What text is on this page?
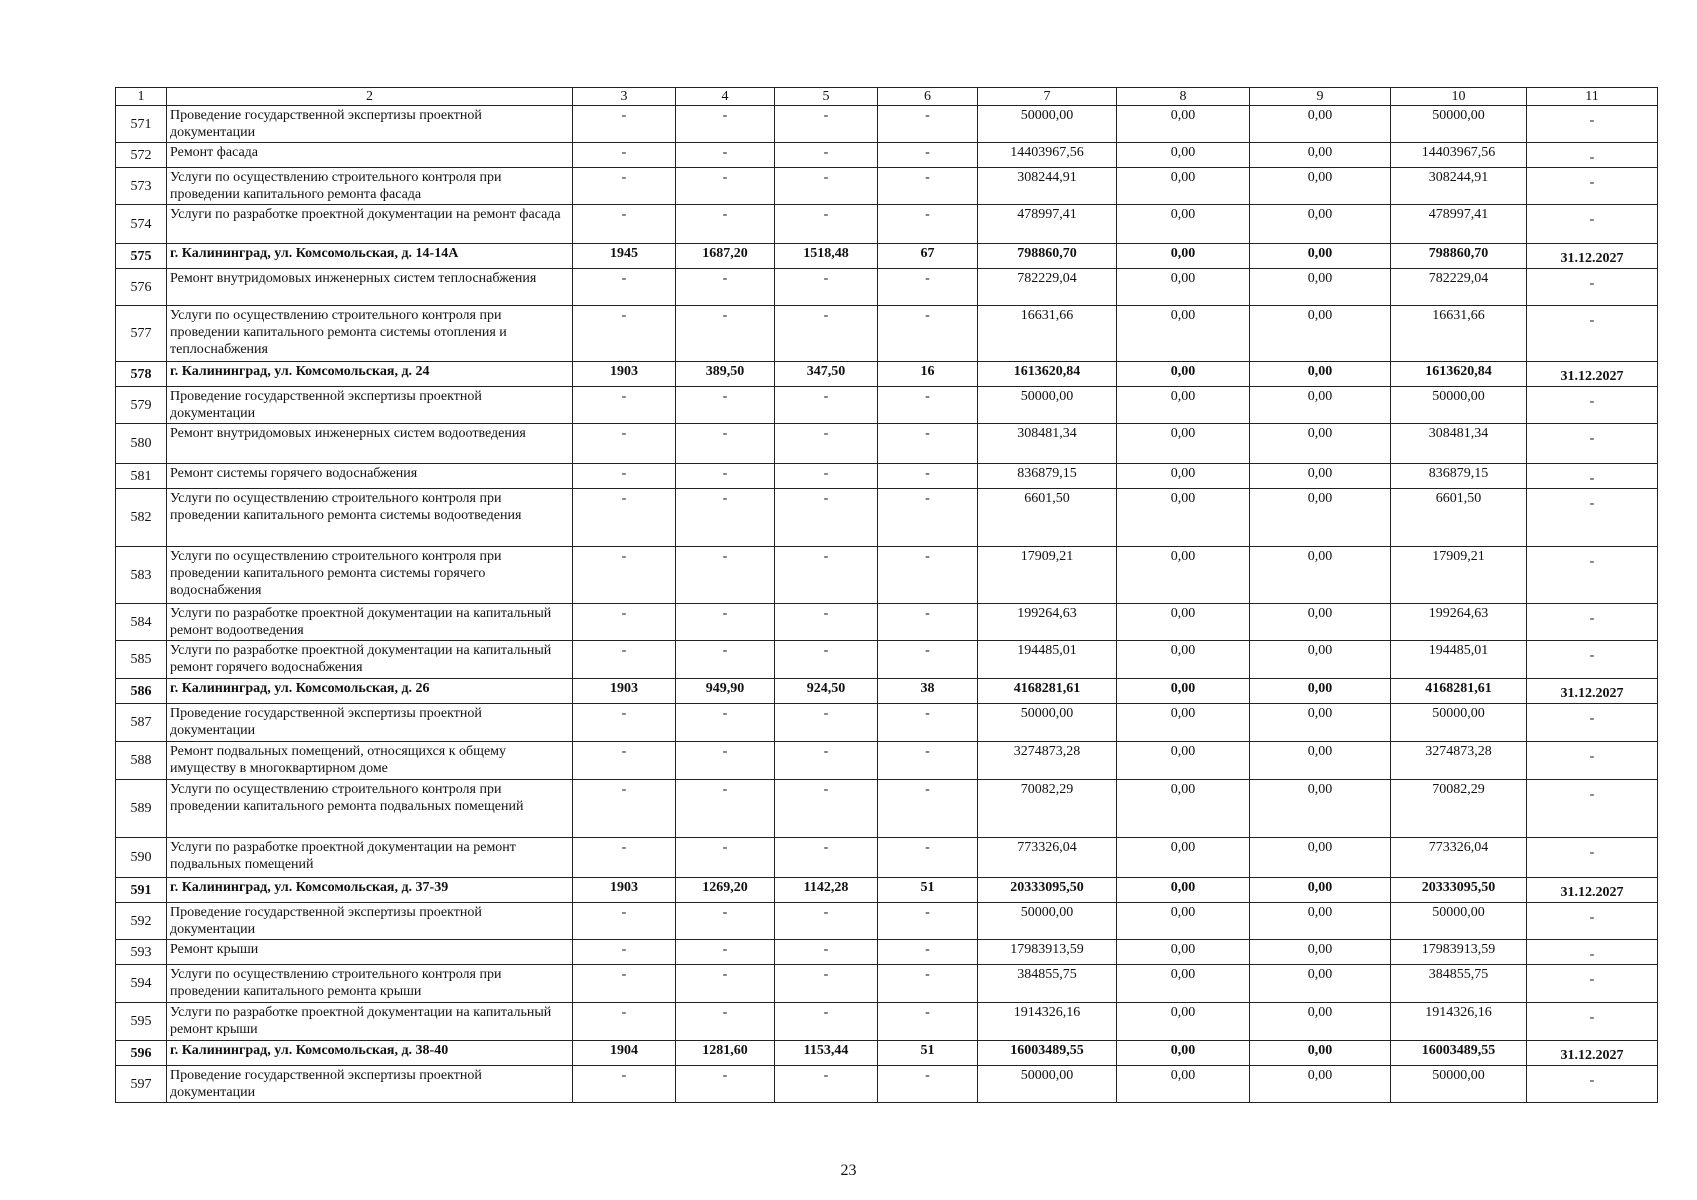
1	2	3	4	5	6	7	8	9	10	11
571	Проведение государственной экспертизы проектной документации	-	-	-	-	50000,00	0,00	0,00	50000,00	-
572	Ремонт фасада	-	-	-	-	14403967,56	0,00	0,00	14403967,56	-
573	Услуги по осуществлению строительного контроля при проведении капитального ремонта фасада	-	-	-	-	308244,91	0,00	0,00	308244,91	-
574	Услуги по разработке проектной документации на ремонт фасада	-	-	-	-	478997,41	0,00	0,00	478997,41	-
575	г. Калининград, ул. Комсомольская, д. 14-14А	1945	1687,20	1518,48	67	798860,70	0,00	0,00	798860,70	31.12.2027
576	Ремонт внутридомовых инженерных систем теплоснабжения	-	-	-	-	782229,04	0,00	0,00	782229,04	-
577	Услуги по осуществлению строительного контроля при проведении капитального ремонта системы отопления и теплоснабжения	-	-	-	-	16631,66	0,00	0,00	16631,66	-
578	г. Калининград, ул. Комсомольская, д. 24	1903	389,50	347,50	16	1613620,84	0,00	0,00	1613620,84	31.12.2027
579	Проведение государственной экспертизы проектной документации	-	-	-	-	50000,00	0,00	0,00	50000,00	-
580	Ремонт внутридомовых инженерных систем водоотведения	-	-	-	-	308481,34	0,00	0,00	308481,34	-
581	Ремонт системы горячего водоснабжения	-	-	-	-	836879,15	0,00	0,00	836879,15	-
582	Услуги по осуществлению строительного контроля при проведении капитального ремонта системы водоотведения	-	-	-	-	6601,50	0,00	0,00	6601,50	-
583	Услуги по осуществлению строительного контроля при проведении капитального ремонта системы горячего водоснабжения	-	-	-	-	17909,21	0,00	0,00	17909,21	-
584	Услуги по разработке проектной документации на капитальный ремонт водоотведения	-	-	-	-	199264,63	0,00	0,00	199264,63	-
585	Услуги по разработке проектной документации на капитальный ремонт горячего водоснабжения	-	-	-	-	194485,01	0,00	0,00	194485,01	-
586	г. Калининград, ул. Комсомольская, д. 26	1903	949,90	924,50	38	4168281,61	0,00	0,00	4168281,61	31.12.2027
587	Проведение государственной экспертизы проектной документации	-	-	-	-	50000,00	0,00	0,00	50000,00	-
588	Ремонт подвальных помещений, относящихся к общему имуществу в многоквартирном доме	-	-	-	-	3274873,28	0,00	0,00	3274873,28	-
589	Услуги по осуществлению строительного контроля при проведении капитального ремонта подвальных помещений	-	-	-	-	70082,29	0,00	0,00	70082,29	-
590	Услуги по разработке проектной документации на ремонт подвальных помещений	-	-	-	-	773326,04	0,00	0,00	773326,04	-
591	г. Калининград, ул. Комсомольская, д. 37-39	1903	1269,20	1142,28	51	20333095,50	0,00	0,00	20333095,50	31.12.2027
592	Проведение государственной экспертизы проектной документации	-	-	-	-	50000,00	0,00	0,00	50000,00	-
593	Ремонт крыши	-	-	-	-	17983913,59	0,00	0,00	17983913,59	-
594	Услуги по осуществлению строительного контроля при проведении капитального ремонта крыши	-	-	-	-	384855,75	0,00	0,00	384855,75	-
595	Услуги по разработке проектной документации на капитальный ремонт крыши	-	-	-	-	1914326,16	0,00	0,00	1914326,16	-
596	г. Калининград, ул. Комсомольская, д. 38-40	1904	1281,60	1153,44	51	16003489,55	0,00	0,00	16003489,55	31.12.2027
597	Проведение государственной экспертизы проектной документации	-	-	-	-	50000,00	0,00	0,00	50000,00	-
23
